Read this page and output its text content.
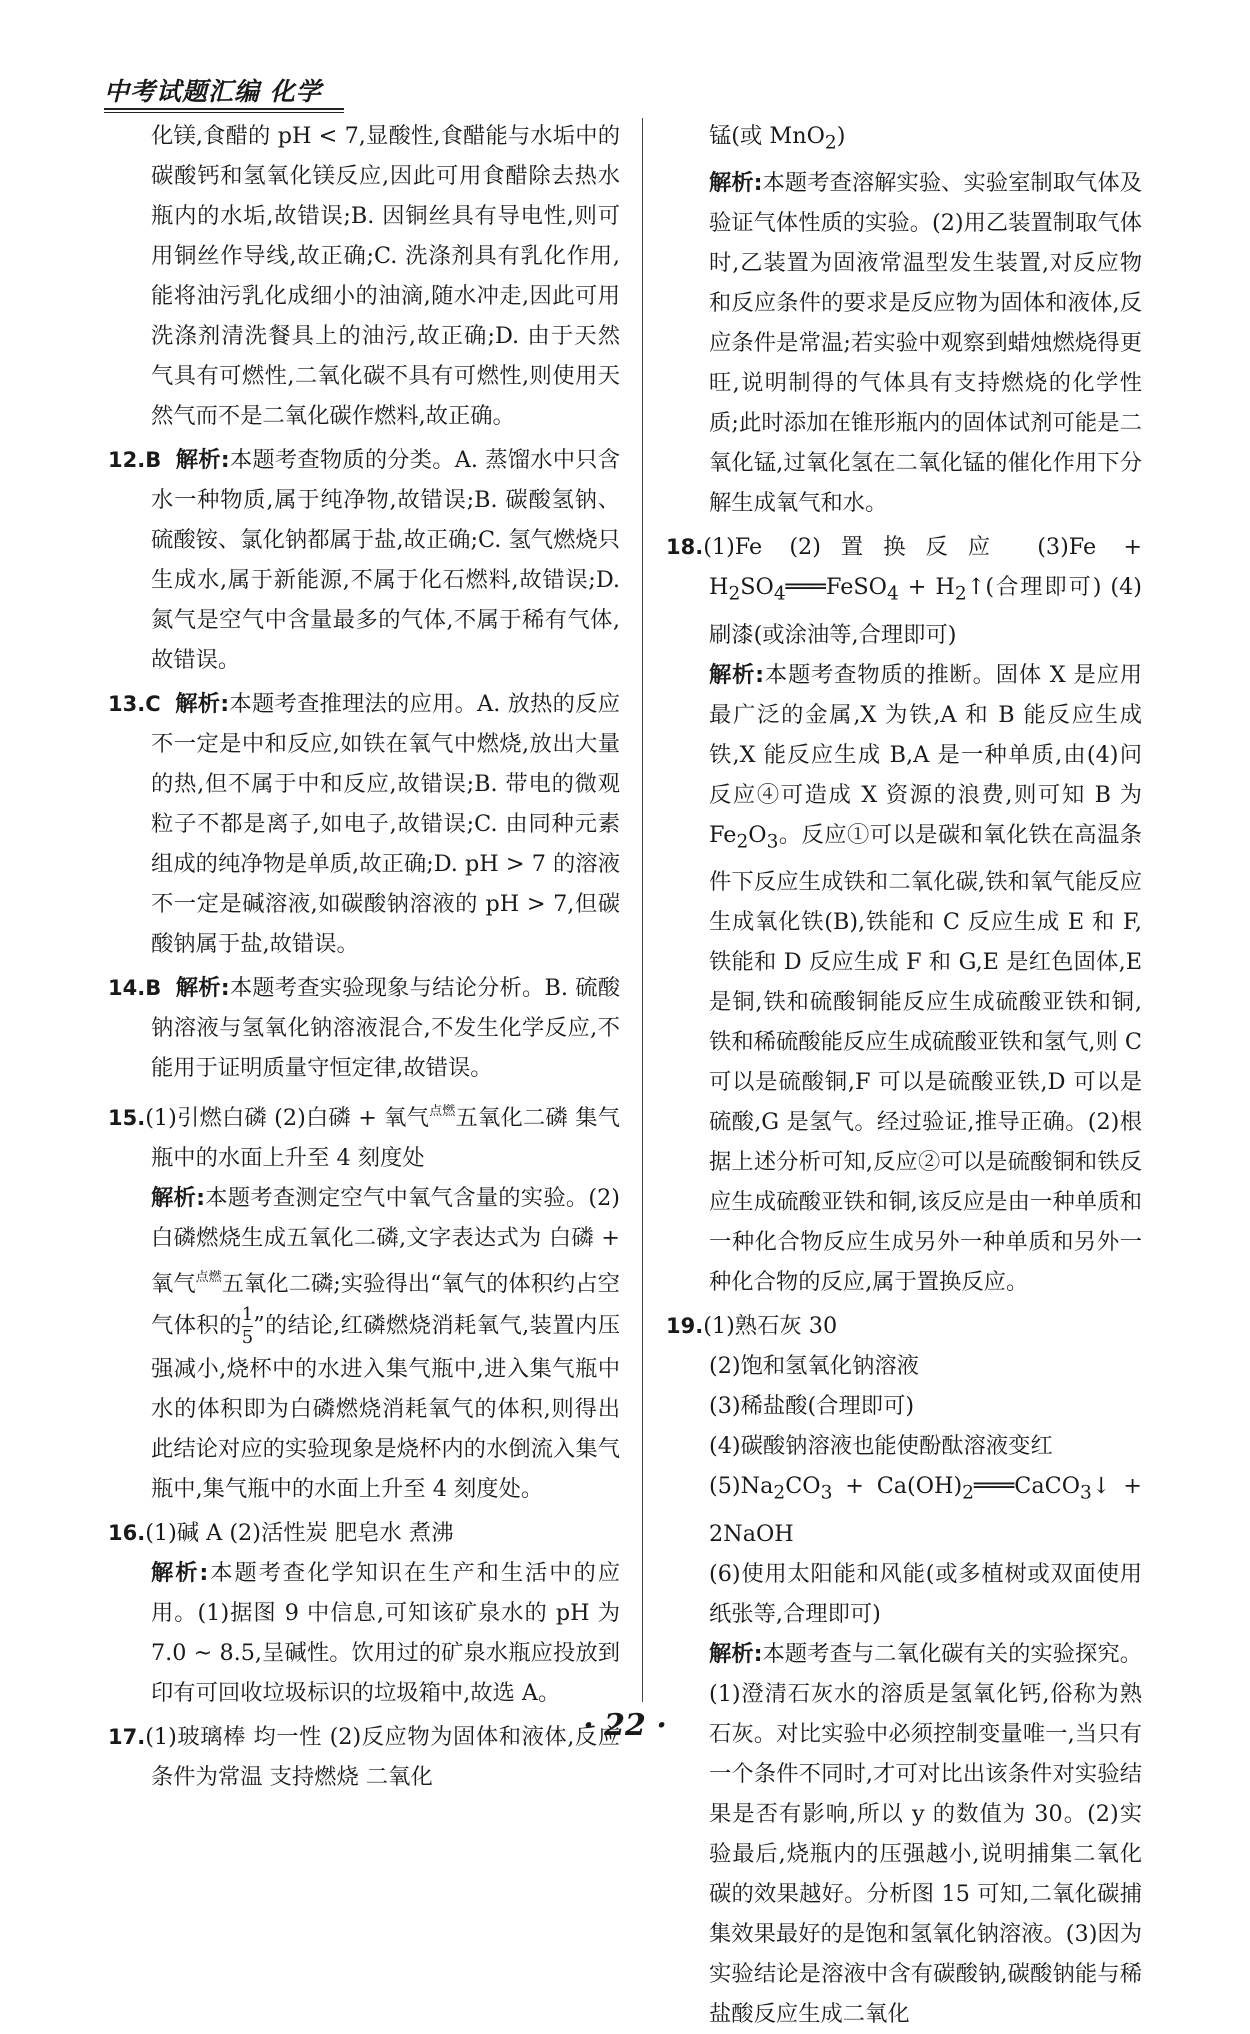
中考试题汇编 化学
化镁,食醋的 pH < 7,显酸性,食醋能与水垢中的碳酸钙和氢氧化镁反应,因此可用食醋除去热水瓶内的水垢,故错误;B. 因铜丝具有导电性,则可用铜丝作导线,故正确;C. 洗涤剂具有乳化作用,能将油污乳化成细小的油滴,随水冲走,因此可用洗涤剂清洗餐具上的油污,故正确;D. 由于天然气具有可燃性,二氧化碳不具有可燃性,则使用天然气而不是二氧化碳作燃料,故正确。
12.B 解析:本题考查物质的分类。A. 蒸馏水中只含水一种物质,属于纯净物,故错误;B. 碳酸氢钠、硫酸铵、氯化钠都属于盐,故正确;C. 氢气燃烧只生成水,属于新能源,不属于化石燃料,故错误;D. 氮气是空气中含量最多的气体,不属于稀有气体,故错误。
13.C 解析:本题考查推理法的应用。A. 放热的反应不一定是中和反应,如铁在氧气中燃烧,放出大量的热,但不属于中和反应,故错误;B. 带电的微观粒子不都是离子,如电子,故错误;C. 由同种元素组成的纯净物是单质,故正确;D. pH > 7 的溶液不一定是碱溶液,如碳酸钠溶液的 pH > 7,但碳酸钠属于盐,故错误。
14.B 解析:本题考查实验现象与结论分析。B. 硫酸钠溶液与氢氧化钠溶液混合,不发生化学反应,不能用于证明质量守恒定律,故错误。
15.(1)引燃白磷 (2)白磷 + 氧气$^{点燃}$五氧化二磷 集气瓶中的水面上升至 4 刻度处
解析:本题考查测定空气中氧气含量的实验。(2)白磷燃烧生成五氧化二磷,文字表达式为 白磷 + 氧气$^{点燃}$五氧化二磷;实验得出“氧气的体积约占空气体积的 $\frac{1}{5}$ ”的结论,红磷燃烧消耗氧气,装置内压强减小,烧杯中的水进入集气瓶中,进入集气瓶中水的体积即为白磷燃烧消耗氧气的体积,则得出此结论对应的实验现象是烧杯内的水倒流入集气瓶中,集气瓶中的水面上升至 4 刻度处。
16.(1)碱 A (2)活性炭 肥皂水 煮沸
解析:本题考查化学知识在生产和生活中的应用。(1)据图 9 中信息,可知该矿泉水的 pH 为 7.0 ~ 8.5,呈碱性。饮用过的矿泉水瓶应投放到印有可回收垃圾标识的垃圾箱中,故选 A。
17.(1)玻璃棒 均一性 (2)反应物为固体和液体,反应条件为常温 支持燃烧 二氧化
锰(或 MnO$_2$)
解析:本题考查溶解实验、实验室制取气体及验证气体性质的实验。(2)用乙装置制取气体时,乙装置为固液常温型发生装置,对反应物和反应条件的要求是反应物为固体和液体,反应条件是常温;若实验中观察到蜡烛燃烧得更旺,说明制得的气体具有支持燃烧的化学性质;此时添加在锥形瓶内的固体试剂可能是二氧化锰,过氧化氢在二氧化锰的催化作用下分解生成氧气和水。
18.(1)Fe (2)置换反应 $(3)Fe + H_2SO_4═══FeSO_4$ + $H_2↑$(合理即可) (4)刷漆(或涂油等,合理即可)
解析:本题考查物质的推断。固体 X 是应用最广泛的金属,X 为铁,A 和 B 能反应生成铁,X 能反应生成 B,A 是一种单质,由(4)问反应④可造成 X 资源的浪费,则可知 B 为 $Fe_2O_3$。反应①可以是碳和氧化铁在高温条件下反应生成铁和二氧化碳,铁和氧气能反应生成氧化铁(B),铁能和 C 反应生成 E 和 F,铁能和 D 反应生成 F 和 G,E 是红色固体,E 是铜,铁和硫酸铜能反应生成硫酸亚铁和铜,铁和稀硫酸能反应生成硫酸亚铁和氢气,则 C 可以是硫酸铜,F 可以是硫酸亚铁,D 可以是硫酸,G 是氢气。经过验证,推导正确。(2)根据上述分析可知,反应②可以是硫酸铜和铁反应生成硫酸亚铁和铜,该反应是由一种单质和一种化合物反应生成另外一种单质和另外一种化合物的反应,属于置换反应。
19.(1)熟石灰 30
(2)饱和氢氧化钠溶液
(3)稀盐酸(合理即可)
(4)碳酸钠溶液也能使酚酞溶液变红
$(5)Na_2CO_3$ + $Ca(OH)_2═══CaCO_3↓$ + 2NaOH
(6)使用太阳能和风能(或多植树或双面使用纸张等,合理即可)
解析:本题考查与二氧化碳有关的实验探究。(1)澄清石灰水的溶质是氢氧化钙,俗称为熟石灰。对比实验中必须控制变量唯一,当只有一个条件不同时,才可对比出该条件对实验结果是否有影响,所以 y 的数值为 30。(2)实验最后,烧瓶内的压强越小,说明捕集二氧化碳的效果越好。分析图 15 可知,二氧化碳捕集效果最好的是饱和氢氧化钠溶液。(3)因为实验结论是溶液中含有碳酸钠,碳酸钠能与稀盐酸反应生成二氧化
· 22 ·
